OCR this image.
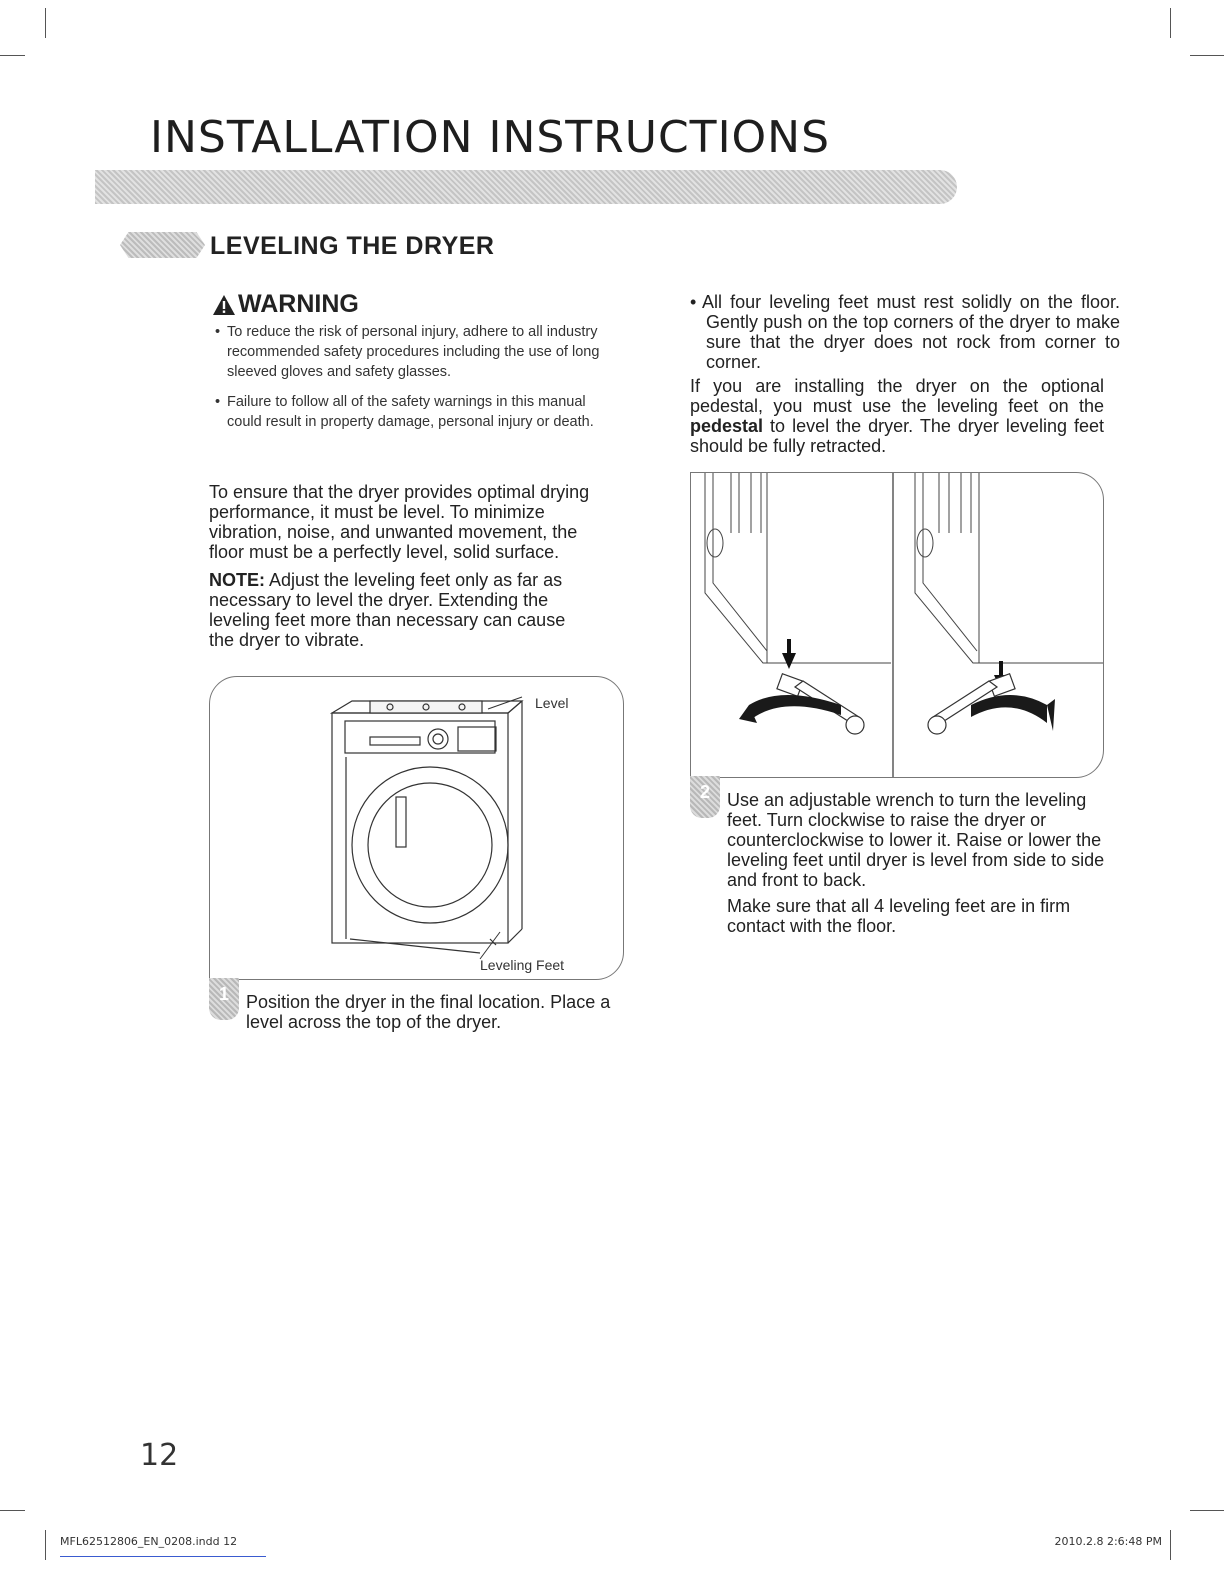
INSTALLATION INSTRUCTIONS
LEVELING THE DRYER
WARNING
• To reduce the risk of personal injury, adhere to all industry recommended safety procedures including the use of long sleeved gloves and safety glasses.
• Failure to follow all of the safety warnings in this manual could result in property damage, personal injury or death.

To ensure that the dryer provides optimal drying performance, it must be level. To minimize vibration, noise, and unwanted movement, the floor must be a perfectly level, solid surface.

NOTE: Adjust the leveling feet only as far as necessary to level the dryer. Extending the leveling feet more than necessary can cause the dryer to vibrate.

Level
Leveling Feet
1 Position the dryer in the final location. Place a level across the top of the dryer.

• All four leveling feet must rest solidly on the floor. Gently push on the top corners of the dryer to make sure that the dryer does not rock from corner to corner.

If you are installing the dryer on the optional pedestal, you must use the leveling feet on the pedestal to level the dryer. The dryer leveling feet should be fully retracted.

2 Use an adjustable wrench to turn the leveling feet. Turn clockwise to raise the dryer or counterclockwise to lower it. Raise or lower the leveling feet until dryer is level from side to side and front to back.

Make sure that all 4 leveling feet are in firm contact with the floor.

12
MFL62512806_EN_0208.indd 12	2010.2.8 2:6:48 PM
